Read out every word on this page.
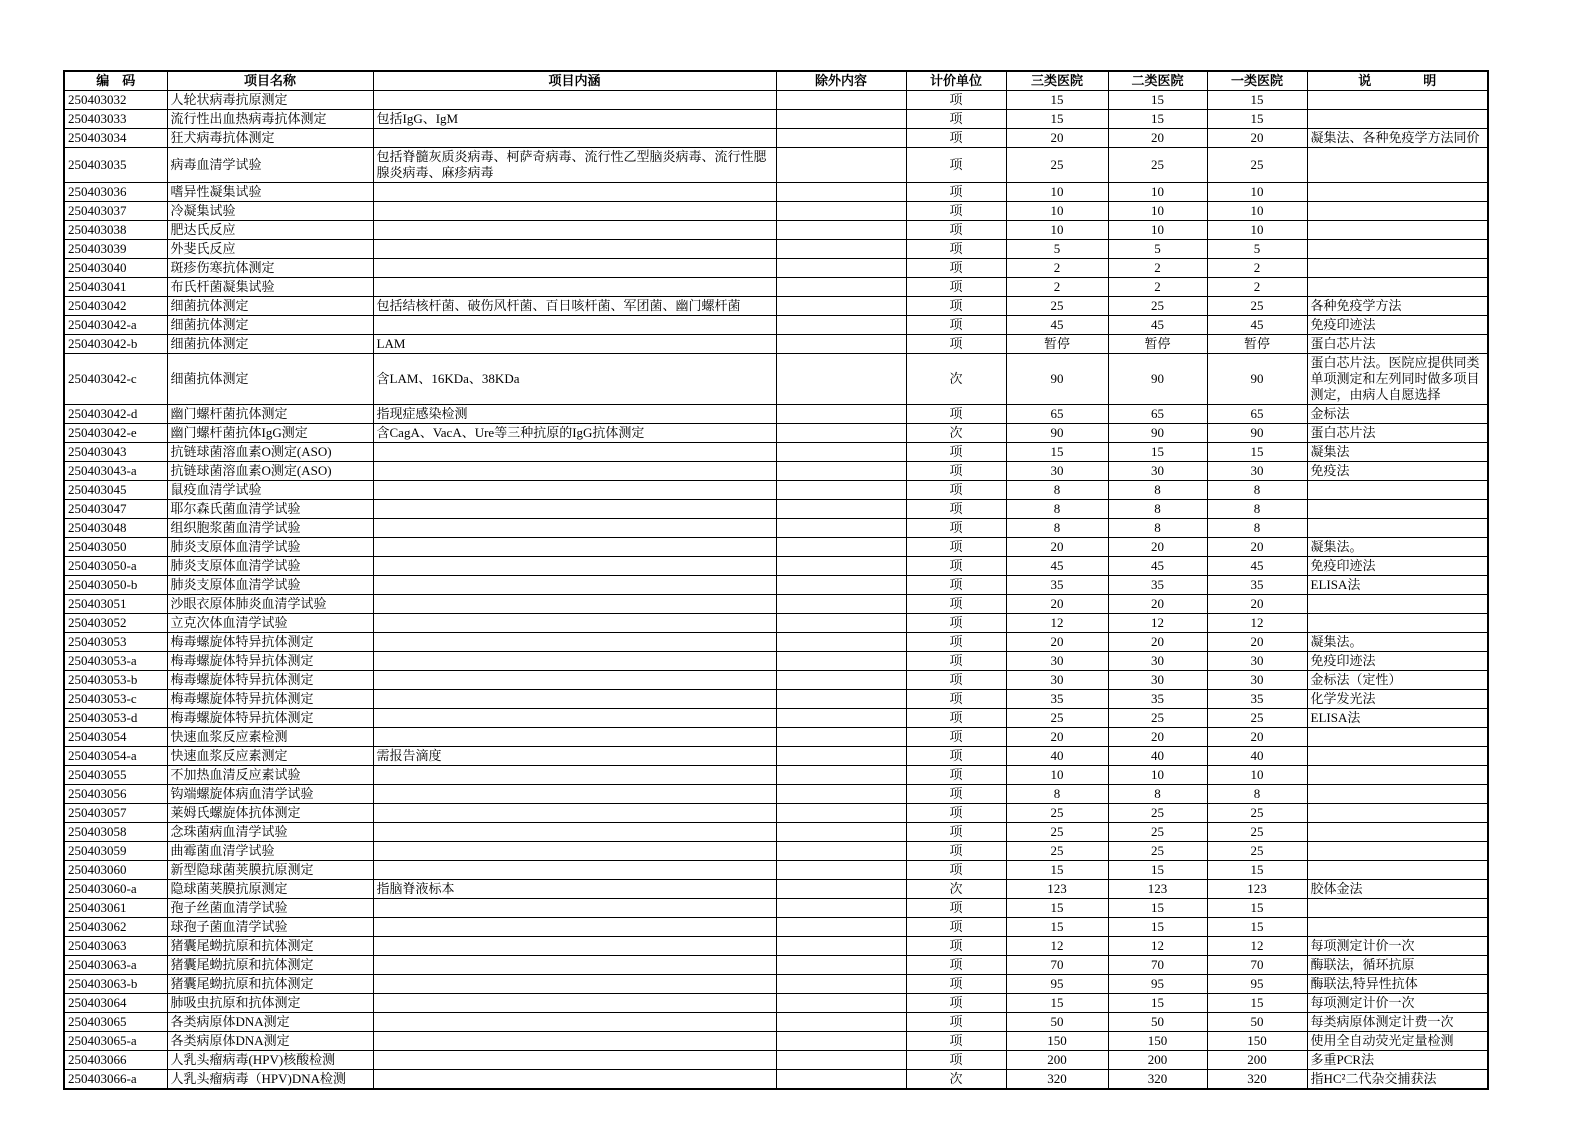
编　码	项目名称	项目内涵	除外内容	计价单位	三类医院	二类医院	一类医院	说　　　　明
250403032	人轮状病毒抗原测定			项	15	15	15	
250403033	流行性出血热病毒抗体测定	包括IgG、IgM		项	15	15	15	
250403034	狂犬病毒抗体测定			项	20	20	20	凝集法、各种免疫学方法同价
250403035	病毒血清学试验	包括脊髓灰质炎病毒、柯萨奇病毒、流行性乙型脑炎病毒、流行性腮腺炎病毒、麻疹病毒		项	25	25	25	
250403036	嗜异性凝集试验			项	10	10	10	
250403037	冷凝集试验			项	10	10	10	
250403038	肥达氏反应			项	10	10	10	
250403039	外斐氏反应			项	5	5	5	
250403040	斑疹伤寒抗体测定			项	2	2	2	
250403041	布氏杆菌凝集试验			项	2	2	2	
250403042	细菌抗体测定	包括结核杆菌、破伤风杆菌、百日咳杆菌、军团菌、幽门螺杆菌		项	25	25	25	各种免疫学方法
250403042-a	细菌抗体测定			项	45	45	45	免疫印迹法
250403042-b	细菌抗体测定	LAM		项	暂停	暂停	暂停	蛋白芯片法
250403042-c	细菌抗体测定	含LAM、16KDa、38KDa		次	90	90	90	蛋白芯片法。医院应提供同类单项测定和左列同时做多项目测定，由病人自愿选择
250403042-d	幽门螺杆菌抗体测定	指现症感染检测		项	65	65	65	金标法
250403042-e	幽门螺杆菌抗体IgG测定	含CagA、VacA、Ure等三种抗原的IgG抗体测定		次	90	90	90	蛋白芯片法
250403043	抗链球菌溶血素O测定(ASO)			项	15	15	15	凝集法
250403043-a	抗链球菌溶血素O测定(ASO)			项	30	30	30	免疫法
250403045	鼠疫血清学试验			项	8	8	8	
250403047	耶尔森氏菌血清学试验			项	8	8	8	
250403048	组织胞浆菌血清学试验			项	8	8	8	
250403050	肺炎支原体血清学试验			项	20	20	20	凝集法。
250403050-a	肺炎支原体血清学试验			项	45	45	45	免疫印迹法
250403050-b	肺炎支原体血清学试验			项	35	35	35	ELISA法
250403051	沙眼衣原体肺炎血清学试验			项	20	20	20	
250403052	立克次体血清学试验			项	12	12	12	
250403053	梅毒螺旋体特异抗体测定			项	20	20	20	凝集法。
250403053-a	梅毒螺旋体特异抗体测定			项	30	30	30	免疫印迹法
250403053-b	梅毒螺旋体特异抗体测定			项	30	30	30	金标法（定性）
250403053-c	梅毒螺旋体特异抗体测定			项	35	35	35	化学发光法
250403053-d	梅毒螺旋体特异抗体测定			项	25	25	25	ELISA法
250403054	快速血浆反应素检测			项	20	20	20	
250403054-a	快速血浆反应素测定	需报告滴度		项	40	40	40	
250403055	不加热血清反应素试验			项	10	10	10	
250403056	钩端螺旋体病血清学试验			项	8	8	8	
250403057	莱姆氏螺旋体抗体测定			项	25	25	25	
250403058	念珠菌病血清学试验			项	25	25	25	
250403059	曲霉菌血清学试验			项	25	25	25	
250403060	新型隐球菌荚膜抗原测定			项	15	15	15	
250403060-a	隐球菌荚膜抗原测定	指脑脊液标本		次	123	123	123	胶体金法
250403061	孢子丝菌血清学试验			项	15	15	15	
250403062	球孢子菌血清学试验			项	15	15	15	
250403063	猪囊尾蚴抗原和抗体测定			项	12	12	12	每项测定计价一次
250403063-a	猪囊尾蚴抗原和抗体测定			项	70	70	70	酶联法，循环抗原
250403063-b	猪囊尾蚴抗原和抗体测定			项	95	95	95	酶联法,特异性抗体
250403064	肺吸虫抗原和抗体测定			项	15	15	15	每项测定计价一次
250403065	各类病原体DNA测定			项	50	50	50	每类病原体测定计费一次
250403065-a	各类病原体DNA测定			项	150	150	150	使用全自动荧光定量检测
250403066	人乳头瘤病毒(HPV)核酸检测			项	200	200	200	多重PCR法
250403066-a	人乳头瘤病毒（HPV)DNA检测			次	320	320	320	指HC²二代杂交捕获法
